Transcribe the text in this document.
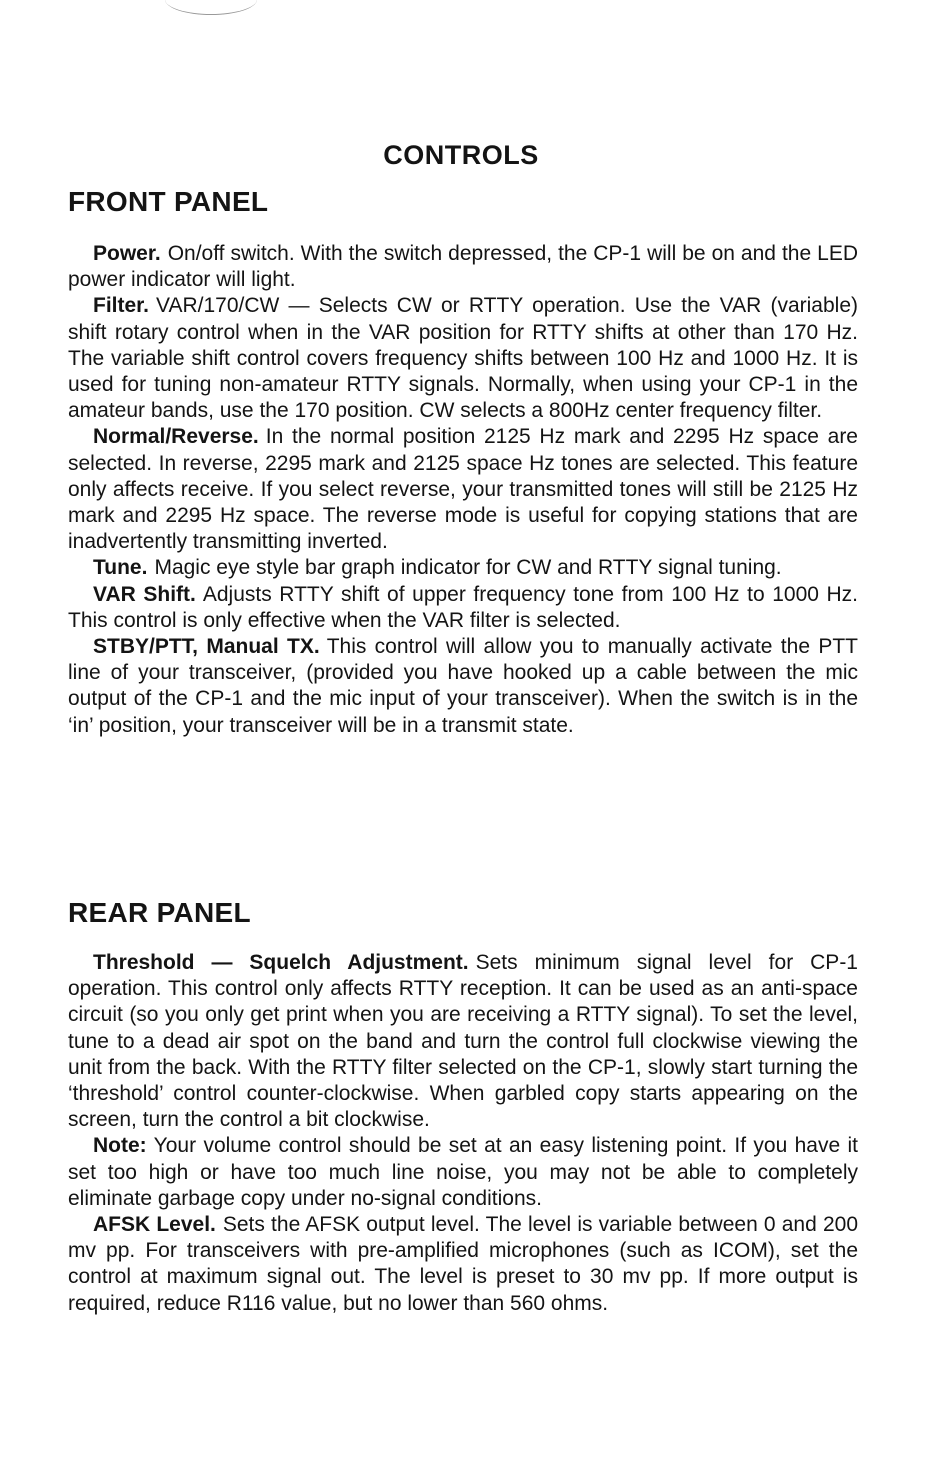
CONTROLS
FRONT PANEL

Power. On/off switch. With the switch depressed, the CP-1 will be on and the LED power indicator will light.

Filter. VAR/170/CW — Selects CW or RTTY operation. Use the VAR (variable) shift rotary control when in the VAR position for RTTY shifts at other than 170 Hz. The variable shift control covers frequency shifts between 100 Hz and 1000 Hz. It is used for tuning non-amateur RTTY signals. Normally, when using your CP-1 in the amateur bands, use the 170 position. CW selects a 800Hz center frequency filter.

Normal/Reverse. In the normal position 2125 Hz mark and 2295 Hz space are selected. In reverse, 2295 mark and 2125 space Hz tones are selected. This feature only affects receive. If you select reverse, your transmitted tones will still be 2125 Hz mark and 2295 Hz space. The reverse mode is useful for copying stations that are inadvertently transmitting inverted.

Tune. Magic eye style bar graph indicator for CW and RTTY signal tuning.

VAR Shift. Adjusts RTTY shift of upper frequency tone from 100 Hz to 1000 Hz. This control is only effective when the VAR filter is selected.

STBY/PTT, Manual TX. This control will allow you to manually activate the PTT line of your transceiver, (provided you have hooked up a cable between the mic output of the CP-1 and the mic input of your transceiver). When the switch is in the ‘in’ position, your transceiver will be in a transmit state.

REAR PANEL

Threshold — Squelch Adjustment. Sets minimum signal level for CP-1 operation. This control only affects RTTY reception. It can be used as an anti-space circuit (so you only get print when you are receiving a RTTY signal). To set the level, tune to a dead air spot on the band and turn the control full clockwise viewing the unit from the back. With the RTTY filter selected on the CP-1, slowly start turning the ‘threshold’ control counter-clockwise. When garbled copy starts appearing on the screen, turn the control a bit clockwise.

Note: Your volume control should be set at an easy listening point. If you have it set too high or have too much line noise, you may not be able to completely eliminate garbage copy under no-signal conditions.

AFSK Level. Sets the AFSK output level. The level is variable between 0 and 200 mv pp. For transceivers with pre-amplified microphones (such as ICOM), set the control at maximum signal out. The level is preset to 30 mv pp. If more output is required, reduce R116 value, but no lower than 560 ohms.
